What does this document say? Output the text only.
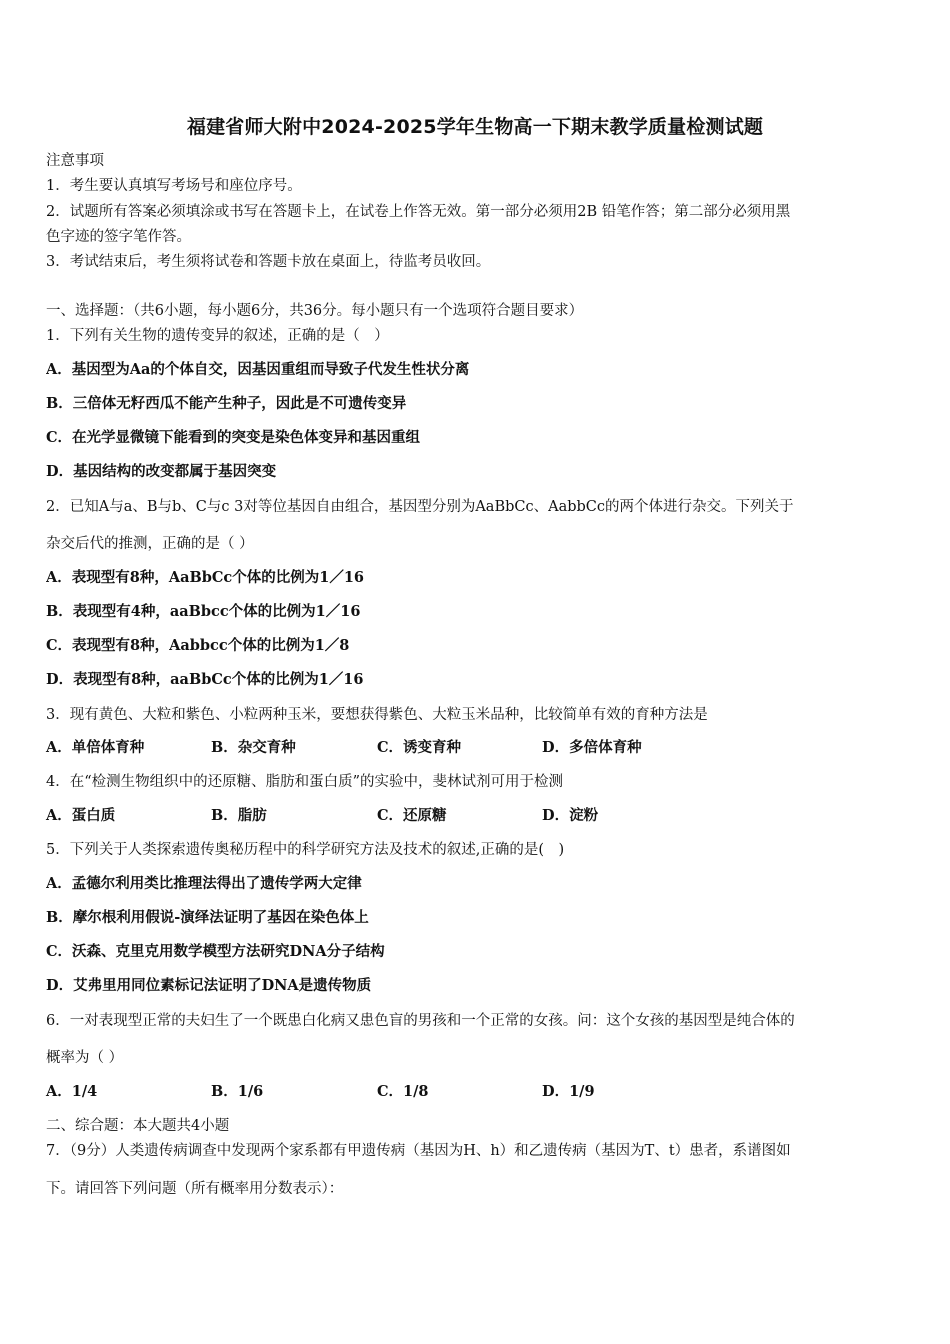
福建省师大附中2024-2025学年生物高一下期末教学质量检测试题
注意事项
1．考生要认真填写考场号和座位序号。
2．试题所有答案必须填涂或书写在答题卡上，在试卷上作答无效。第一部分必须用2B 铅笔作答；第二部分必须用黑
色字迹的签字笔作答。
3．考试结束后，考生须将试卷和答题卡放在桌面上，待监考员收回。
一、选择题：（共6小题，每小题6分，共36分。每小题只有一个选项符合题目要求）
1．下列有关生物的遗传变异的叙述，正确的是（　）
A．基因型为Aa的个体自交，因基因重组而导致子代发生性状分离
B．三倍体无籽西瓜不能产生种子，因此是不可遗传变异
C．在光学显微镜下能看到的突变是染色体变异和基因重组
D．基因结构的改变都属于基因突变
2．已知A与a、B与b、C与c 3对等位基因自由组合，基因型分别为AaBbCc、AabbCc的两个体进行杂交。下列关于
杂交后代的推测，正确的是（ ）
A．表现型有8种，AaBbCc个体的比例为1／16
B．表现型有4种，aaBbcc个体的比例为1／16
C．表现型有8种，Aabbcc个体的比例为1／8
D．表现型有8种，aaBbCc个体的比例为1／16
3．现有黄色、大粒和紫色、小粒两种玉米，要想获得紫色、大粒玉米品种，比较简单有效的育种方法是
A．单倍体育种	B．杂交育种	C．诱变育种	D．多倍体育种
4．在“检测生物组织中的还原糖、脂肪和蛋白质”的实验中，斐林试剂可用于检测
A．蛋白质	B．脂肪	C．还原糖	D．淀粉
5．下列关于人类探索遗传奥秘历程中的科学研究方法及技术的叙述,正确的是(　)
A．孟德尔利用类比推理法得出了遗传学两大定律
B．摩尔根利用假说-演绎法证明了基因在染色体上
C．沃森、克里克用数学模型方法研究DNA分子结构
D．艾弗里用同位素标记法证明了DNA是遗传物质
6．一对表现型正常的夫妇生了一个既患白化病又患色盲的男孩和一个正常的女孩。问：这个女孩的基因型是纯合体的
概率为（ ）
A．1/4	B．1/6	C．1/8	D．1/9
二、综合题：本大题共4小题
7．（9分）人类遗传病调查中发现两个家系都有甲遗传病（基因为H、h）和乙遗传病（基因为T、t）患者，系谱图如
下。请回答下列问题（所有概率用分数表示）：
